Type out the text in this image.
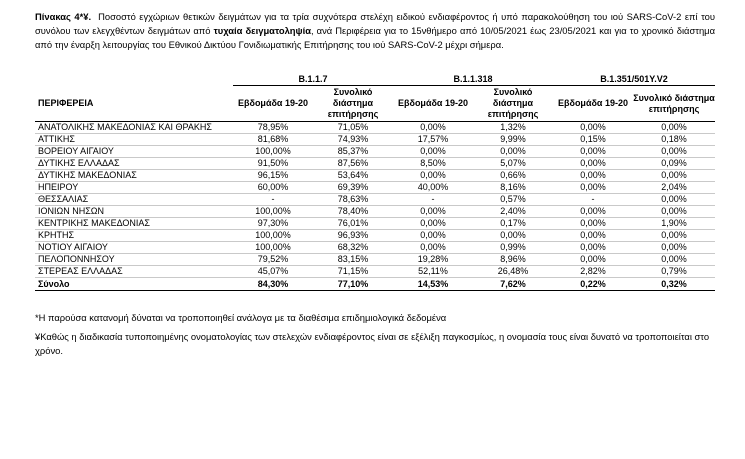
Πίνακας 4*¥. Ποσοστό εγχώριων θετικών δειγμάτων για τα τρία συχνότερα στελέχη ειδικού ενδιαφέροντος ή υπό παρακολούθηση του ιού SARS-CoV-2 επί του συνόλου των ελεγχθέντων δειγμάτων από τυχαία δειγματοληψία, ανά Περιφέρεια για το 15νθήμερο από 10/05/2021 έως 23/05/2021 και για το χρονικό διάστημα από την έναρξη λειτουργίας του Εθνικού Δικτύου Γονιδιωματικής Επιτήρησης του ιού SARS-CoV-2 μέχρι σήμερα.
	B.1.1.7		B.1.1.318		B.1.351/501Y.V2	
ΠΕΡΙΦΕΡΕΙΑ	Εβδομάδα 19-20	Συνολικό διάστημα επιτήρησης	Εβδομάδα 19-20	Συνολικό διάστημα επιτήρησης	Εβδομάδα 19-20	Συνολικό διάστημα επιτήρησης
ΑΝΑΤΟΛΙΚΗΣ ΜΑΚΕΔΟΝΙΑΣ ΚΑΙ ΘΡΑΚΗΣ	78,95%	71,05%	0,00%	1,32%	0,00%	0,00%
ΑΤΤΙΚΗΣ	81,68%	74,93%	17,57%	9,99%	0,15%	0,18%
ΒΟΡΕΙΟΥ ΑΙΓΑΙΟΥ	100,00%	85,37%	0,00%	0,00%	0,00%	0,00%
ΔΥΤΙΚΗΣ ΕΛΛΑΔΑΣ	91,50%	87,56%	8,50%	5,07%	0,00%	0,09%
ΔΥΤΙΚΗΣ ΜΑΚΕΔΟΝΙΑΣ	96,15%	53,64%	0,00%	0,66%	0,00%	0,00%
ΗΠΕΙΡΟΥ	60,00%	69,39%	40,00%	8,16%	0,00%	2,04%
ΘΕΣΣΑΛΙΑΣ	-	78,63%	-	0,57%	-	0,00%
ΙΟΝΙΩΝ ΝΗΣΩΝ	100,00%	78,40%	0,00%	2,40%	0,00%	0,00%
ΚΕΝΤΡΙΚΗΣ ΜΑΚΕΔΟΝΙΑΣ	97,30%	76,01%	0,00%	0,17%	0,00%	1,90%
ΚΡΗΤΗΣ	100,00%	96,93%	0,00%	0,00%	0,00%	0,00%
ΝΟΤΙΟΥ ΑΙΓΑΙΟΥ	100,00%	68,32%	0,00%	0,99%	0,00%	0,00%
ΠΕΛΟΠΟΝΝΗΣΟΥ	79,52%	83,15%	19,28%	8,96%	0,00%	0,00%
ΣΤΕΡΕΑΣ ΕΛΛΑΔΑΣ	45,07%	71,15%	52,11%	26,48%	2,82%	0,79%
Σύνολο	84,30%	77,10%	14,53%	7,62%	0,22%	0,32%

*Η παρούσα κατανομή δύναται να τροποποιηθεί ανάλογα με τα διαθέσιμα επιδημιολογικά δεδομένα

¥Καθώς η διαδικασία τυποποιημένης ονοματολογίας των στελεχών ενδιαφέροντος είναι σε εξέλιξη παγκοσμίως, η ονομασία τους είναι δυνατό να τροποποιείται στο χρόνο.
